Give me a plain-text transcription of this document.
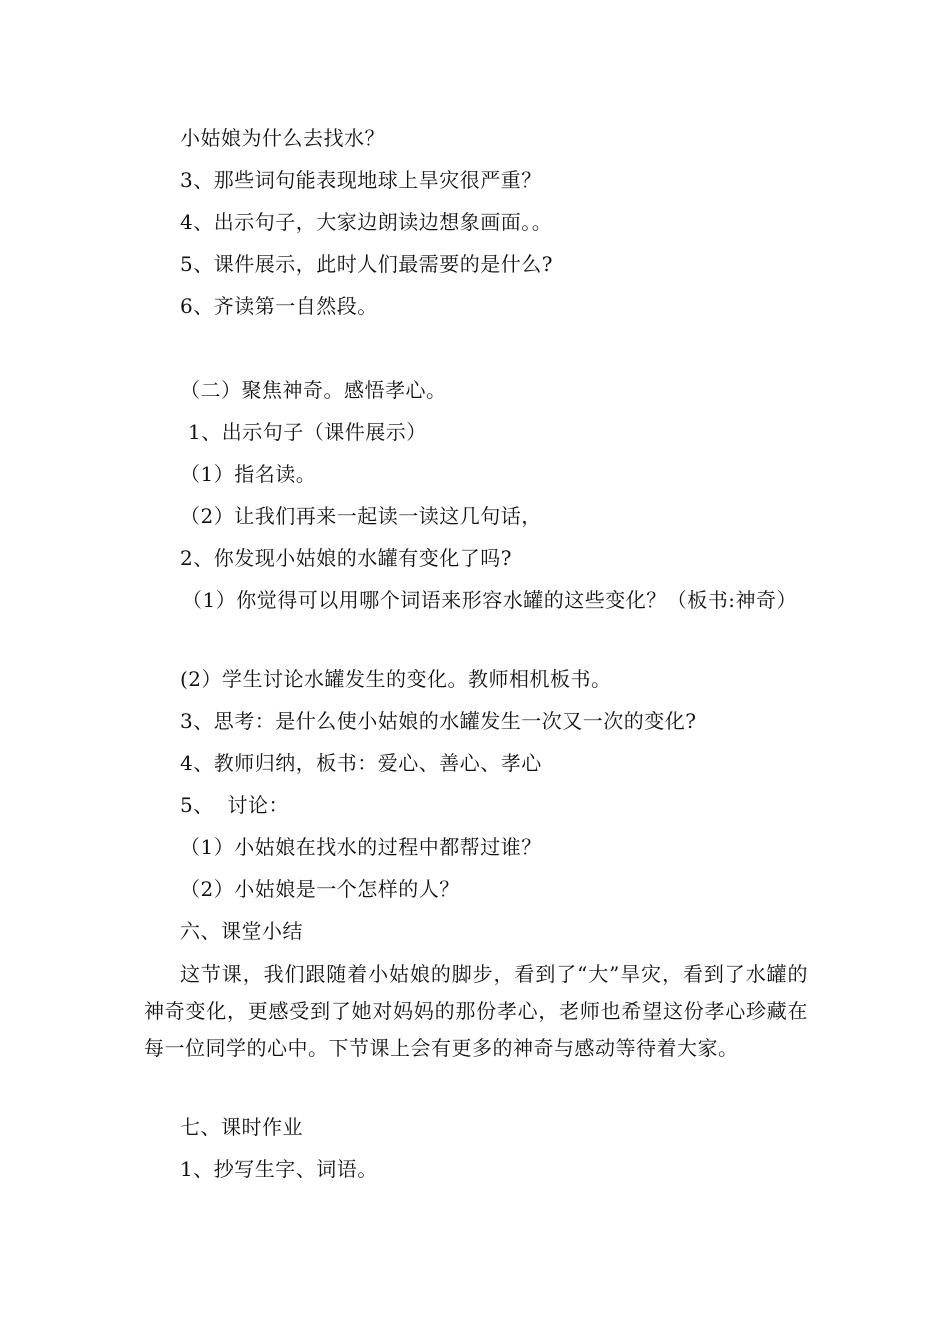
小姑娘为什么去找水？
3、那些词句能表现地球上旱灾很严重？
4、出示句子，大家边朗读边想象画面。。
5、课件展示，此时人们最需要的是什么?
6、齐读第一自然段。
（二）聚焦神奇。感悟孝心。
1、出示句子（课件展示）
（1）指名读。
（2）让我们再来一起读一读这几句话，
2、你发现小姑娘的水罐有变化了吗?
（1）你觉得可以用哪个词语来形容水罐的这些变化？（板书:神奇）
(2）学生讨论水罐发生的变化。教师相机板书。
3、思考：是什么使小姑娘的水罐发生一次又一次的变化?
4、教师归纳，板书：爱心、善心、孝心
5、  讨论：
（1）小姑娘在找水的过程中都帮过谁？
（2）小姑娘是一个怎样的人？
六、课堂小结
这节课，我们跟随着小姑娘的脚步，看到了“大”旱灾，看到了水罐的神奇变化，更感受到了她对妈妈的那份孝心，老师也希望这份孝心珍藏在每一位同学的心中。下节课上会有更多的神奇与感动等待着大家。
七、课时作业
1、抄写生字、词语。
